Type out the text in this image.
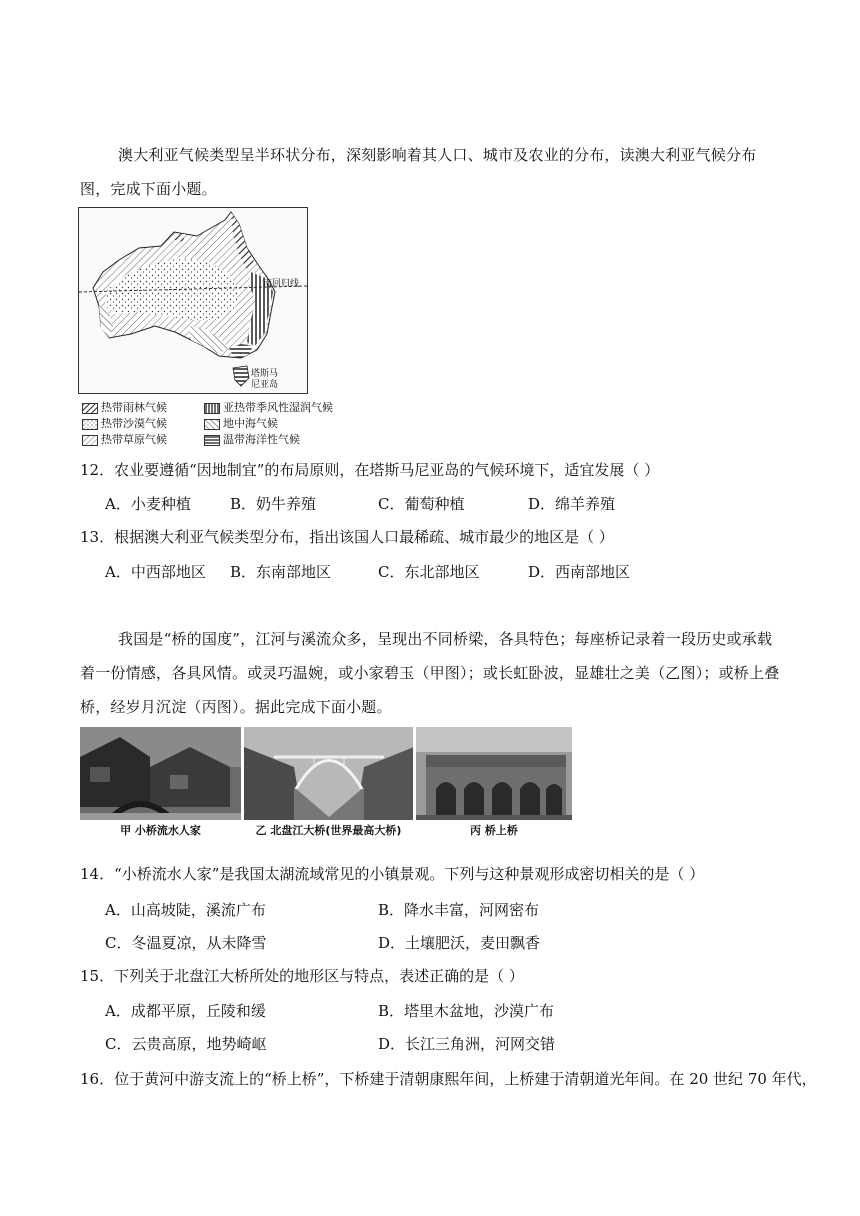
澳大利亚气候类型呈半环状分布，深刻影响着其人口、城市及农业的分布，读澳大利亚气候分布图，完成下面小题。
南回归线
塔斯马
尼亚岛
热带雨林气候	亚热带季风性湿润气候
热带沙漠气候	地中海气候
热带草原气候	温带海洋性气候
12．农业要遵循“因地制宜”的布局原则，在塔斯马尼亚岛的气候环境下，适宜发展（ ）
A．小麦种植	B．奶牛养殖	C．葡萄种植	D．绵羊养殖
13．根据澳大利亚气候类型分布，指出该国人口最稀疏、城市最少的地区是（ ）
A．中西部地区	B．东南部地区	C．东北部地区	D．西南部地区
我国是“桥的国度”，江河与溪流众多，呈现出不同桥梁，各具特色；每座桥记录着一段历史或承载着一份情感，各具风情。或灵巧温婉，或小家碧玉（甲图）；或长虹卧波，显雄壮之美（乙图）；或桥上叠桥，经岁月沉淀（丙图）。据此完成下面小题。
甲 小桥流水人家	乙 北盘江大桥(世界最高大桥)	丙 桥上桥
14．“小桥流水人家”是我国太湖流域常见的小镇景观。下列与这种景观形成密切相关的是（ ）
A．山高坡陡，溪流广布	B．降水丰富，河网密布
C．冬温夏凉，从未降雪	D．土壤肥沃，麦田飘香
15．下列关于北盘江大桥所处的地形区与特点，表述正确的是（ ）
A．成都平原，丘陵和缓	B．塔里木盆地，沙漠广布
C．云贵高原，地势崎岖	D．长江三角洲，河网交错
16．位于黄河中游支流上的“桥上桥”，下桥建于清朝康熙年间，上桥建于清朝道光年间。在 20 世纪 70 年代，
